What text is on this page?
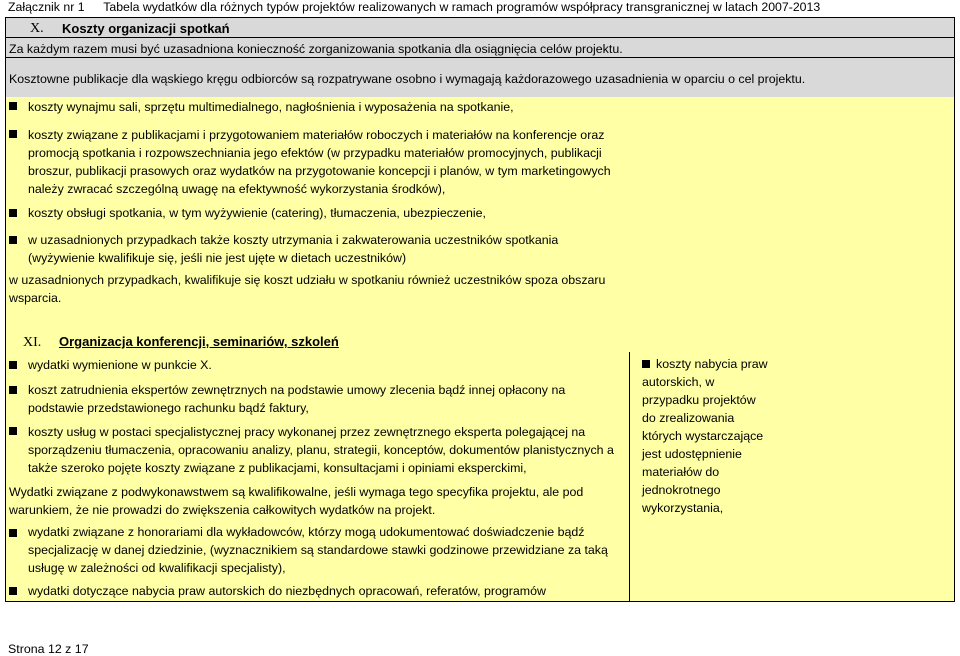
Załącznik nr 1 Tabela wydatków dla różnych typów projektów realizowanych w ramach programów współpracy transgranicznej w latach 2007-2013
X. Koszty organizacji spotkań
Za każdym razem musi być uzasadniona konieczność zorganizowania spotkania dla osiągnięcia celów projektu.
Kosztowne publikacje dla wąskiego kręgu odbiorców są rozpatrywane osobno i wymagają każdorazowego uzasadnienia w oparciu o cel projektu.
koszty wynajmu sali, sprzętu multimedialnego, nagłośnienia i wyposażenia na spotkanie,
koszty związane z publikacjami i przygotowaniem materiałów roboczych i materiałów na konferencje oraz promocją spotkania i rozpowszechniania jego efektów (w przypadku materiałów promocyjnych, publikacji broszur, publikacji prasowych oraz wydatków na przygotowanie koncepcji i planów, w tym marketingowych należy zwracać szczególną uwagę na efektywność wykorzystania środków),
koszty obsługi spotkania, w tym wyżywienie (catering), tłumaczenia, ubezpieczenie,
w uzasadnionych przypadkach także koszty utrzymania i zakwaterowania uczestników spotkania (wyżywienie kwalifikuje się, jeśli nie jest ujęte w dietach uczestników)
w uzasadnionych przypadkach, kwalifikuje się koszt udziału w spotkaniu również uczestników spoza obszaru wsparcia.
XI. Organizacja konferencji, seminariów, szkoleń
wydatki wymienione w punkcie X.
koszt zatrudnienia ekspertów zewnętrznych na podstawie umowy zlecenia bądź innej opłacony na podstawie przedstawionego rachunku bądź faktury,
koszty usług w postaci specjalistycznej pracy wykonanej przez zewnętrznego eksperta polegającej na sporządzeniu tłumaczenia, opracowaniu analizy, planu, strategii, konceptów, dokumentów planistycznych a także szeroko pojęte koszty związane z publikacjami, konsultacjami i opiniami eksperckimi,
Wydatki związane z podwykonawstwem są kwalifikowalne, jeśli wymaga tego specyfika projektu, ale pod warunkiem, że nie prowadzi do zwiększenia całkowitych wydatków na projekt.
wydatki związane z honorariami dla wykładowców, którzy mogą udokumentować doświadczenie bądź specjalizację w danej dziedzinie, (wyznacznikiem są standardowe stawki godzinowe przewidziane za taką usługę w zależności od kwalifikacji specjalisty),
wydatki dotyczące nabycia praw autorskich do niezbędnych opracowań, referatów, programów
koszty nabycia praw autorskich, w przypadku projektów do zrealizowania których wystarczające jest udostępnienie materiałów do jednokrotnego wykorzystania,
Strona 12 z 17
